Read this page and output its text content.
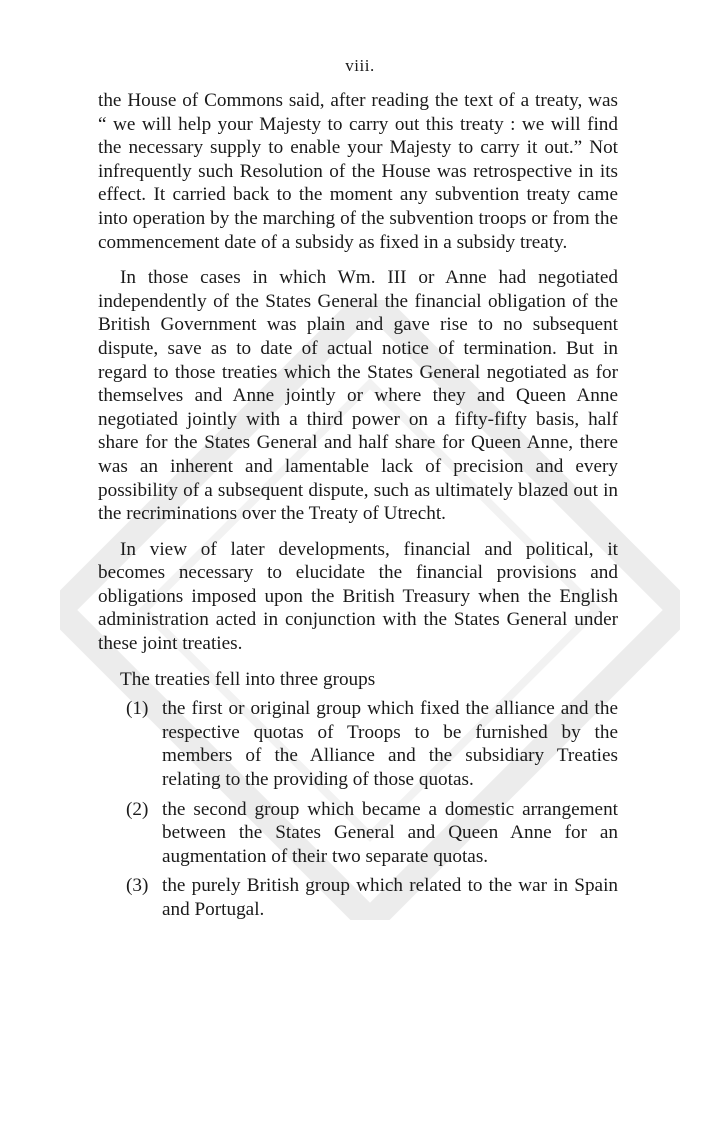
viii.

the House of Commons said, after reading the text of a treaty, was “ we will help your Majesty to carry out this treaty : we will find the necessary supply to enable your Majesty to carry it out.” Not infrequently such Resolution of the House was retrospective in its effect. It carried back to the moment any subvention treaty came into operation by the marching of the subvention troops or from the commencement date of a subsidy as fixed in a subsidy treaty.

In those cases in which Wm. III or Anne had negotiated independently of the States General the financial obligation of the British Government was plain and gave rise to no subsequent dispute, save as to date of actual notice of termination. But in regard to those treaties which the States General negotiated as for themselves and Anne jointly or where they and Queen Anne negotiated jointly with a third power on a fifty-fifty basis, half share for the States General and half share for Queen Anne, there was an inherent and lamentable lack of precision and every possibility of a subsequent dispute, such as ultimately blazed out in the recriminations over the Treaty of Utrecht.

In view of later developments, financial and political, it becomes necessary to elucidate the financial provisions and obligations imposed upon the British Treasury when the English administration acted in conjunction with the States General under these joint treaties.

The treaties fell into three groups

(1) the first or original group which fixed the alliance and the respective quotas of Troops to be furnished by the members of the Alliance and the subsidiary Treaties relating to the providing of those quotas.
(2) the second group which became a domestic arrangement between the States General and Queen Anne for an augmentation of their two separate quotas.
(3) the purely British group which related to the war in Spain and Portugal.
